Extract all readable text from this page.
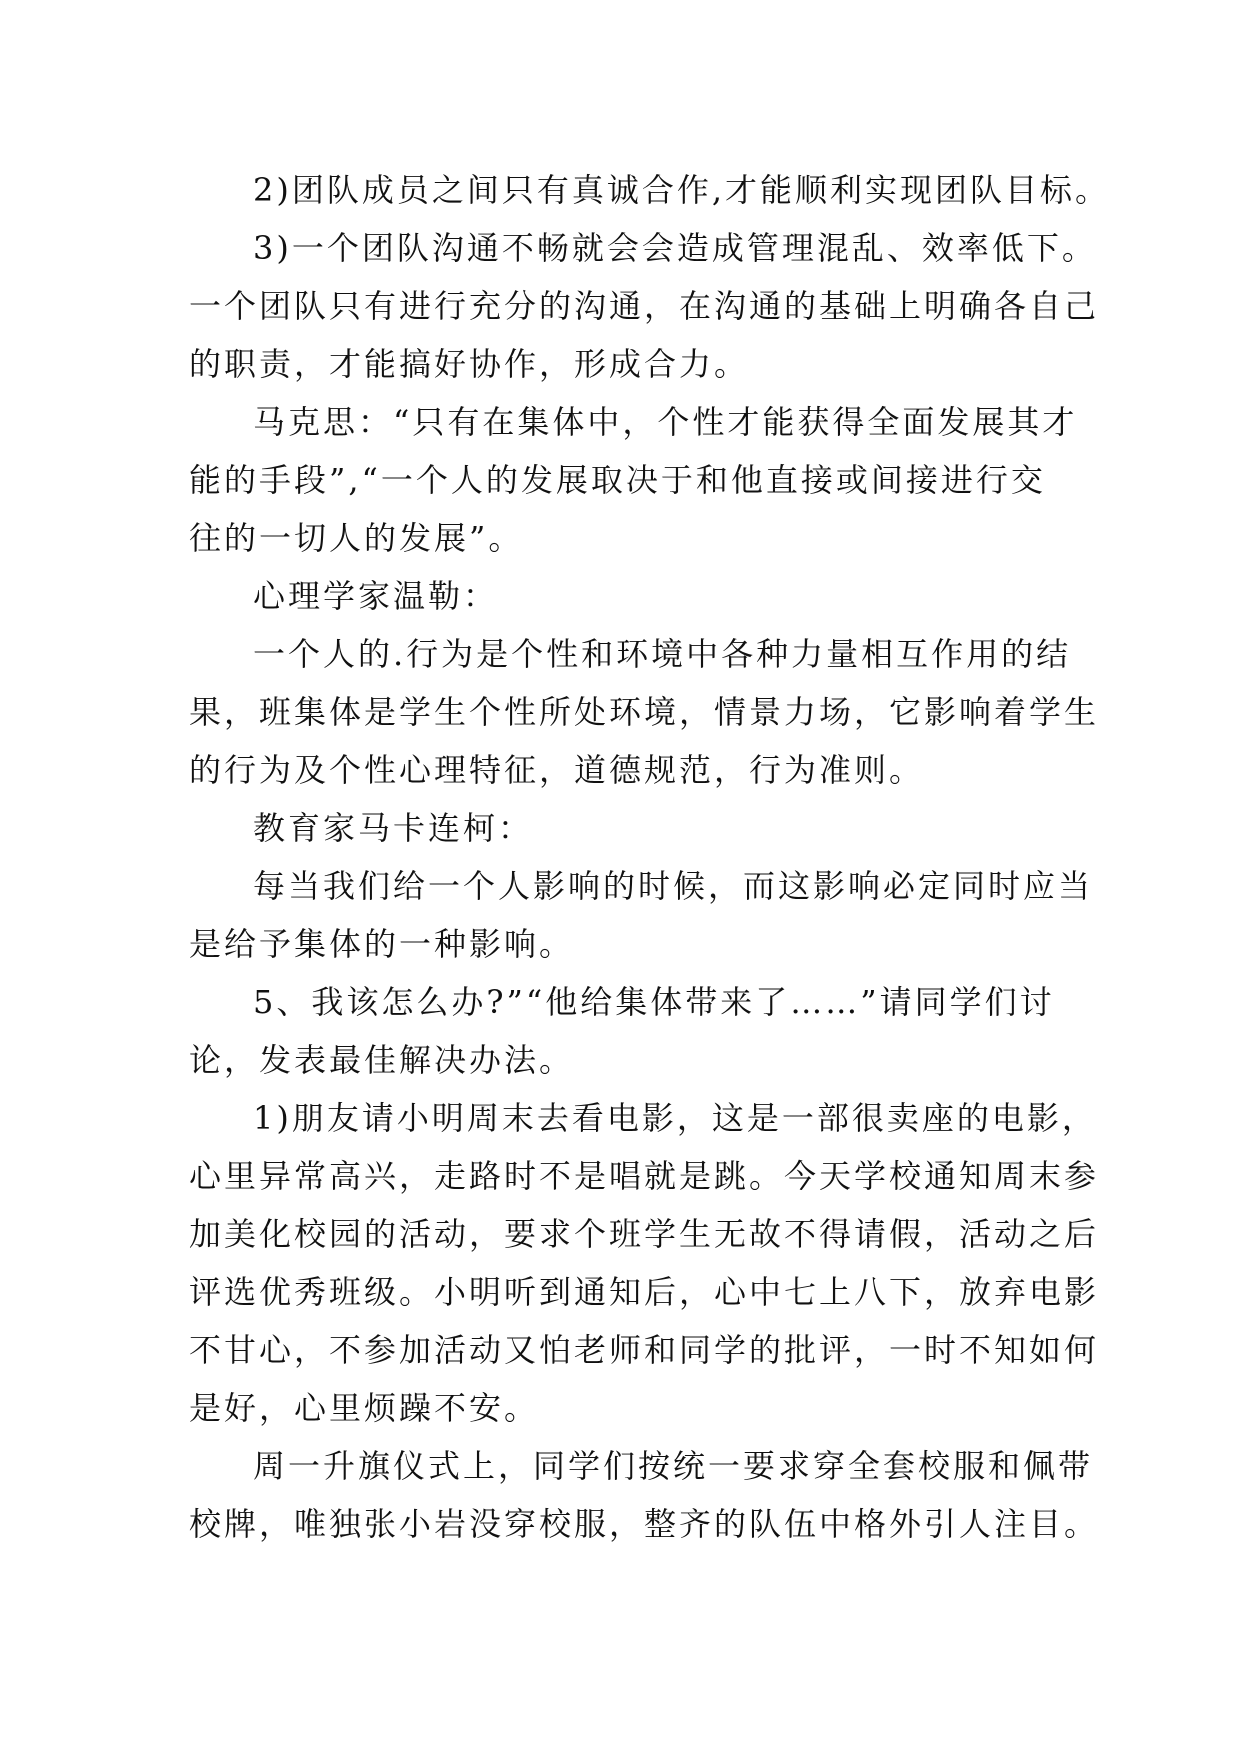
2)团队成员之间只有真诚合作,才能顺利实现团队目标。
3)一个团队沟通不畅就会会造成管理混乱、效率低下。
一个团队只有进行充分的沟通，在沟通的基础上明确各自己
的职责，才能搞好协作，形成合力。
马克思：“只有在集体中，个性才能获得全面发展其才
能的手段”,“一个人的发展取决于和他直接或间接进行交
往的一切人的发展”。
心理学家温勒：
一个人的.行为是个性和环境中各种力量相互作用的结
果，班集体是学生个性所处环境，情景力场，它影响着学生
的行为及个性心理特征，道德规范，行为准则。
教育家马卡连柯：
每当我们给一个人影响的时候，而这影响必定同时应当
是给予集体的一种影响。
5、我该怎么办?”“他给集体带来了……”请同学们讨
论，发表最佳解决办法。
1)朋友请小明周末去看电影，这是一部很卖座的电影，
心里异常高兴，走路时不是唱就是跳。今天学校通知周末参
加美化校园的活动，要求个班学生无故不得请假，活动之后
评选优秀班级。小明听到通知后，心中七上八下，放弃电影
不甘心，不参加活动又怕老师和同学的批评，一时不知如何
是好，心里烦躁不安。
周一升旗仪式上，同学们按统一要求穿全套校服和佩带
校牌，唯独张小岩没穿校服，整齐的队伍中格外引人注目。
